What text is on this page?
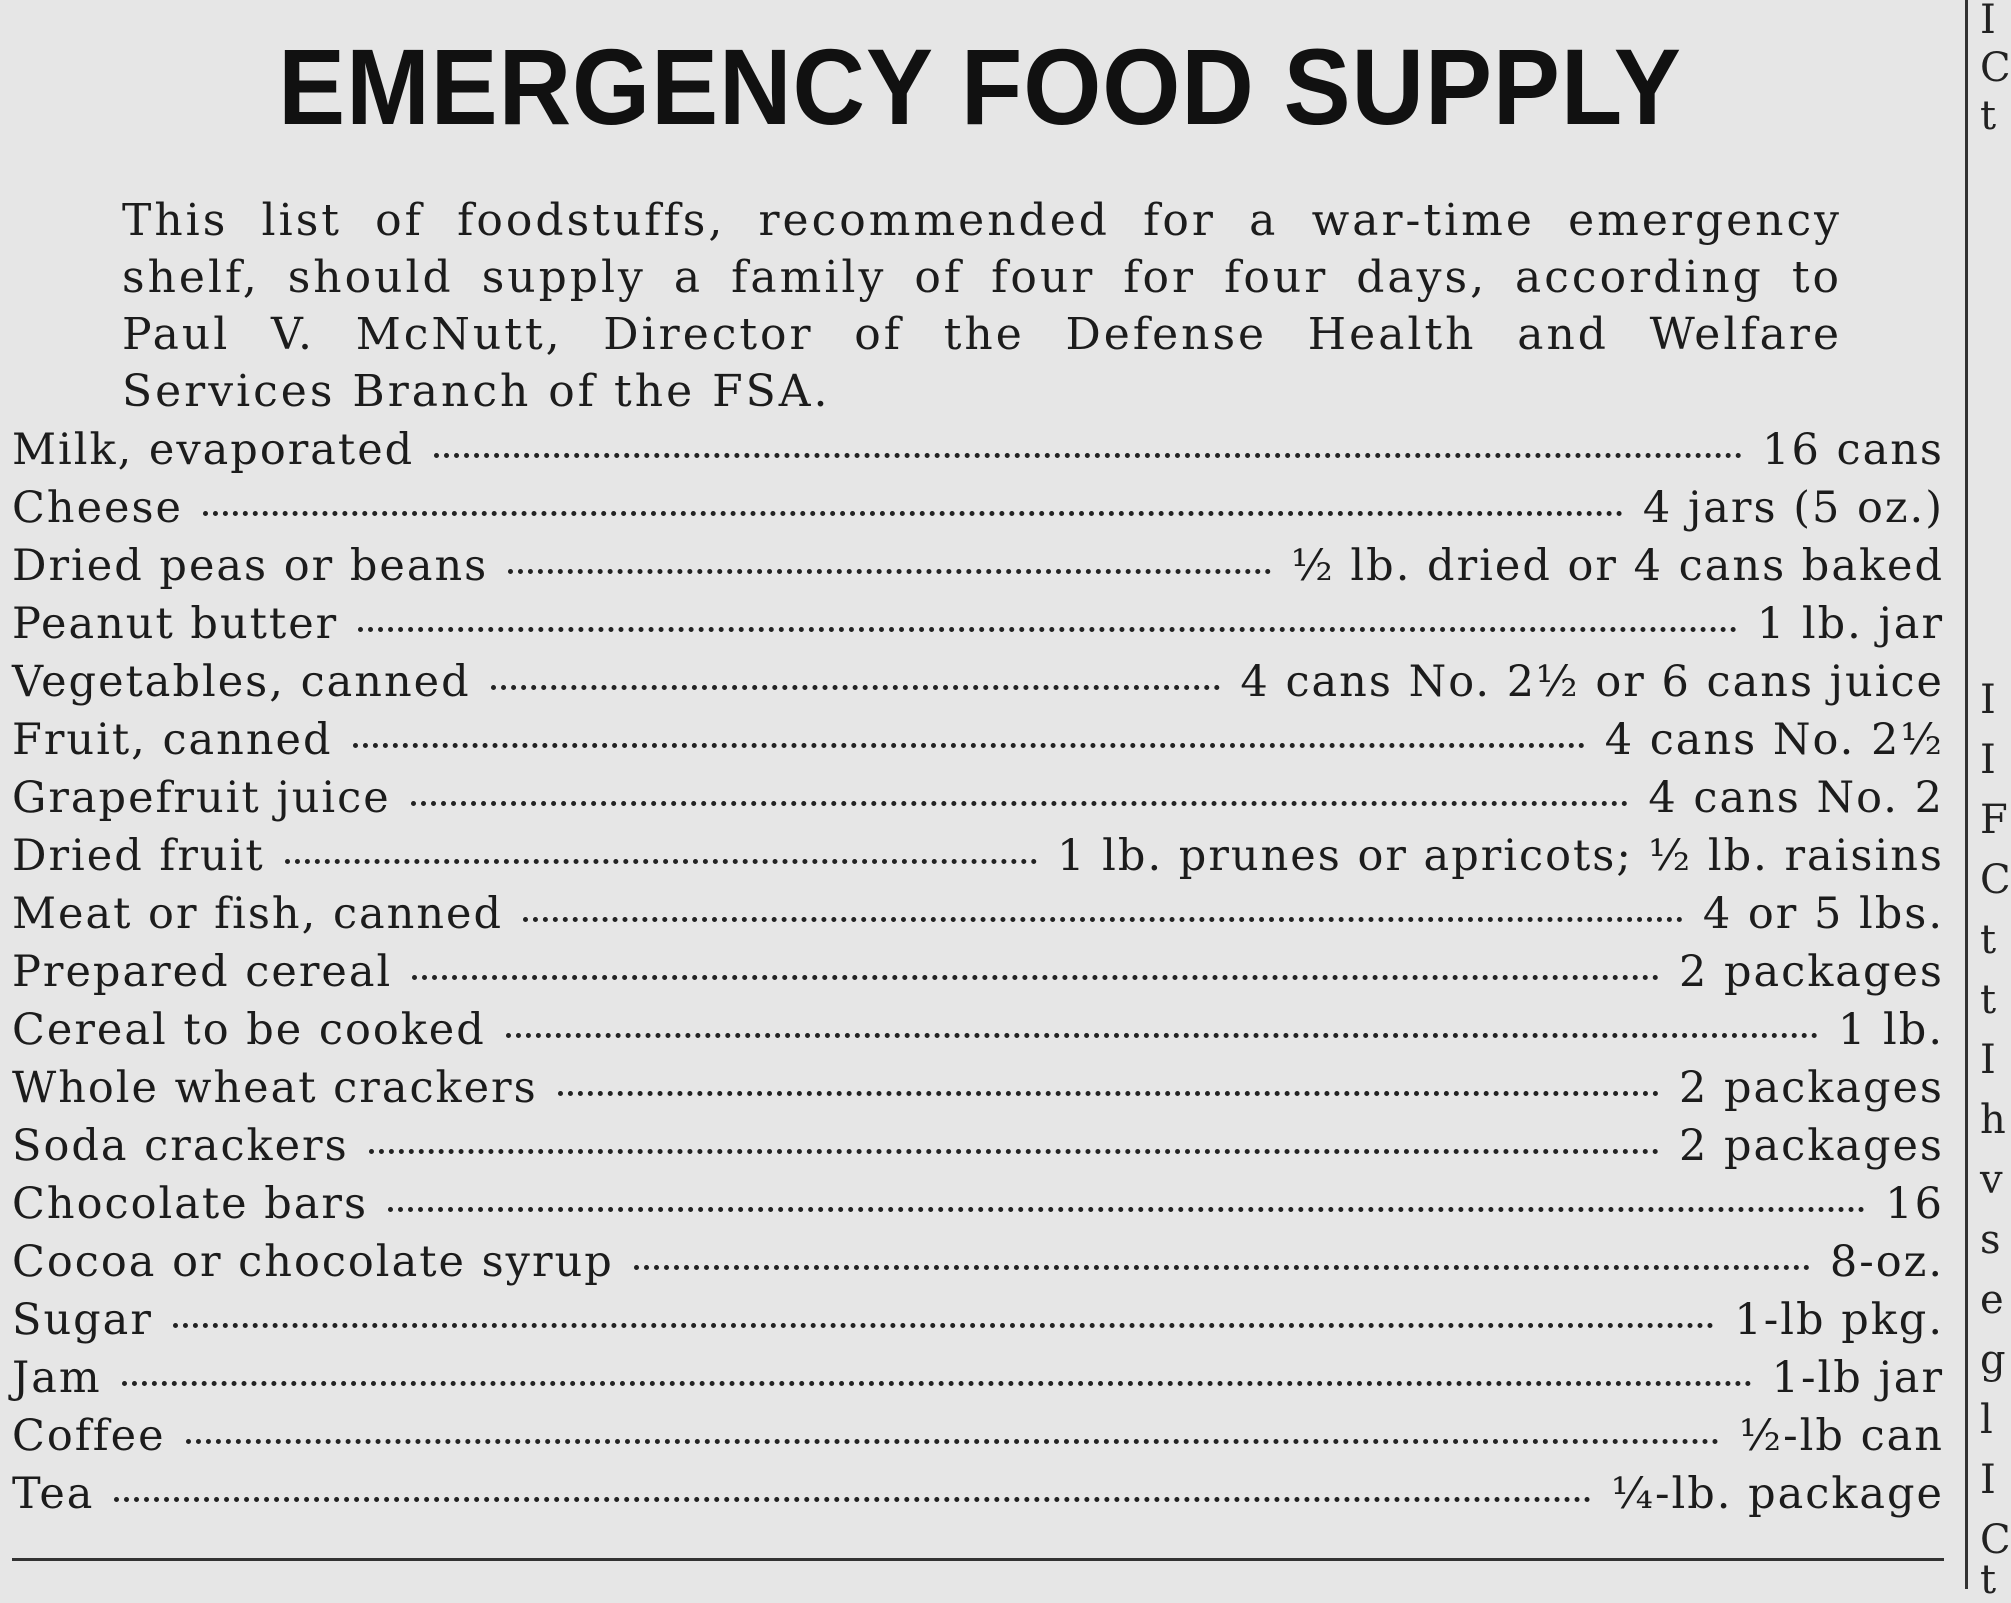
EMERGENCY FOOD SUPPLY
This list of foodstuffs, recommended for a war-time emergency shelf, should supply a family of four for four days, according to Paul V. McNutt, Director of the Defense Health and Welfare Services Branch of the FSA.
Milk, evaporated	16 cans
Cheese	4 jars (5 oz.)
Dried peas or beans	½ lb. dried or 4 cans baked
Peanut butter	1 lb. jar
Vegetables, canned	4 cans No. 2½ or 6 cans juice
Fruit, canned	4 cans No. 2½
Grapefruit juice	4 cans No. 2
Dried fruit	1 lb. prunes or apricots; ½ lb. raisins
Meat or fish, canned	4 or 5 lbs.
Prepared cereal	2 packages
Cereal to be cooked	1 lb.
Whole wheat crackers	2 packages
Soda crackers	2 packages
Chocolate bars	16
Cocoa or chocolate syrup	8-oz.
Sugar	1-lb pkg.
Jam	1-lb jar
Coffee	½-lb can
Tea	¼-lb. package
I
C
t
I
I
F
C
t
t
I
h
v
s
e
g
l
I
C
t
